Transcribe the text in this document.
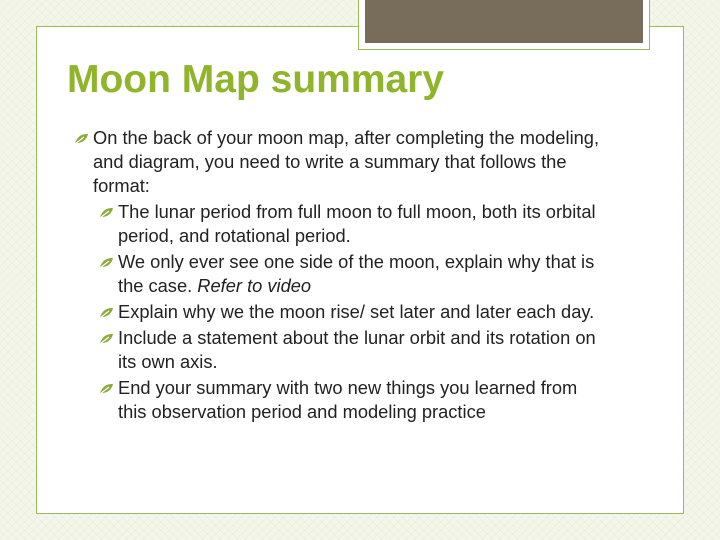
Moon Map summary
On the back of your moon map, after completing the modeling,
and diagram, you need to write a summary that follows the
format:
The lunar period from full moon to full moon, both its orbital
period, and rotational period.
We only ever see one side of the moon, explain why that is
the case. Refer to video
Explain why we the moon rise/ set later and later each day.
Include a statement about the lunar orbit and its rotation on
its own axis.
End your summary with two new things you learned from
this observation period and modeling practice
